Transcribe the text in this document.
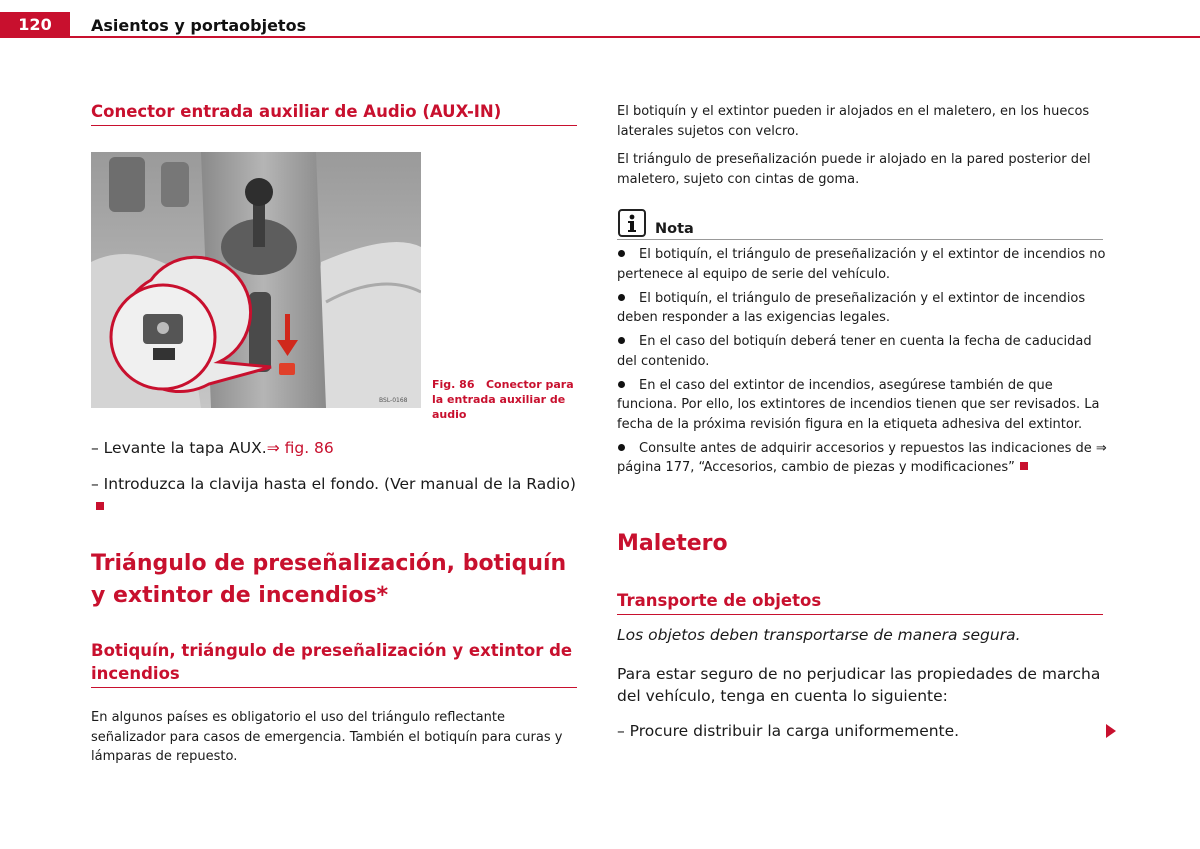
120	Asientos y portaobjetos
Conector entrada auxiliar de Audio (AUX-IN)
BSL-0168
Fig. 86 Conector para la entrada auxiliar de audio

– Levante la tapa AUX.⇒ fig. 86

– Introduzca la clavija hasta el fondo. (Ver manual de la Radio)

Triángulo de preseñalización, botiquín y extintor de incendios*
Botiquín, triángulo de preseñalización y extintor de incendios

En algunos países es obligatorio el uso del triángulo reflectante señalizador para casos de emergencia. También el botiquín para curas y lámparas de repuesto.

El botiquín y el extintor pueden ir alojados en el maletero, en los huecos laterales sujetos con velcro.

El triángulo de preseñalización puede ir alojado en la pared posterior del maletero, sujeto con cintas de goma.

Nota
El botiquín, el triángulo de preseñalización y el extintor de incendios no pertenece al equipo de serie del vehículo.
El botiquín, el triángulo de preseñalización y el extintor de incendios deben responder a las exigencias legales.
En el caso del botiquín deberá tener en cuenta la fecha de caducidad del contenido.
En el caso del extintor de incendios, asegúrese también de que funciona. Por ello, los extintores de incendios tienen que ser revisados. La fecha de la próxima revisión figura en la etiqueta adhesiva del extintor.
Consulte antes de adquirir accesorios y repuestos las indicaciones de ⇒ página 177, “Accesorios, cambio de piezas y modificaciones”
Maletero
Transporte de objetos

Los objetos deben transportarse de manera segura.

Para estar seguro de no perjudicar las propiedades de marcha del vehículo, tenga en cuenta lo siguiente:

– Procure distribuir la carga uniformemente.
